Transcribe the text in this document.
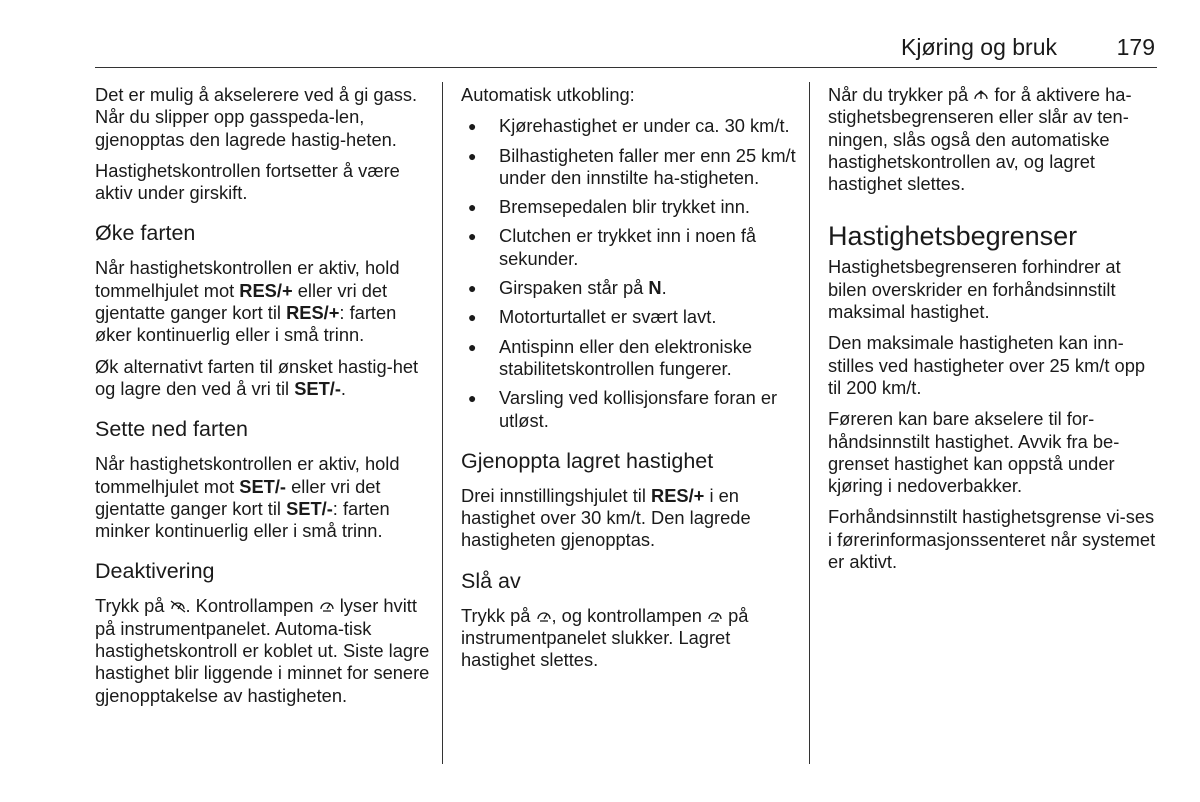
Kjøring og bruk	179

Det er mulig å akselerere ved å gi gass. Når du slipper opp gasspeda-len, gjenopptas den lagrede hastig-heten.

Hastighetskontrollen fortsetter å være aktiv under girskift.

Øke farten

Når hastighetskontrollen er aktiv, hold tommelhjulet mot RES/+ eller vri det gjentatte ganger kort til RES/+: farten øker kontinuerlig eller i små trinn.

Øk alternativt farten til ønsket hastig-het og lagre den ved å vri til SET/-.

Sette ned farten

Når hastighetskontrollen er aktiv, hold tommelhjulet mot SET/- eller vri det gjentatte ganger kort til SET/-: farten minker kontinuerlig eller i små trinn.

Deaktivering

Trykk på
. Kontrollampen
lyser hvitt på instrumentpanelet. Automa-tisk hastighetskontroll er koblet ut. Siste lagre hastighet blir liggende i minnet for senere gjenopptakelse av hastigheten.

Automatisk utkobling:

● Kjørehastighet er under ca. 30 km/t.
● Bilhastigheten faller mer enn 25 km/t under den innstilte ha-stigheten.
● Bremsepedalen blir trykket inn.
● Clutchen er trykket inn i noen få sekunder.
● Girspaken står på N.
● Motorturtallet er svært lavt.
● Antispinn eller den elektroniske stabilitetskontrollen fungerer.
● Varsling ved kollisjonsfare foran er utløst.
Gjenoppta lagret hastighet

Drei innstillingshjulet til RES/+ i en hastighet over 30 km/t. Den lagrede hastigheten gjenopptas.

Slå av

Trykk på
, og kontrollampen
på instrumentpanelet slukker. Lagret hastighet slettes.

Når du trykker på
for å aktivere ha-stighetsbegrenseren eller slår av ten-ningen, slås også den automatiske hastighetskontrollen av, og lagret hastighet slettes.

Hastighetsbegrenser

Hastighetsbegrenseren forhindrer at bilen overskrider en forhåndsinnstilt maksimal hastighet.

Den maksimale hastigheten kan inn-stilles ved hastigheter over 25 km/t opp til 200 km/t.

Føreren kan bare akselere til for-håndsinnstilt hastighet. Avvik fra be-grenset hastighet kan oppstå under kjøring i nedoverbakker.

Forhåndsinnstilt hastighetsgrense vi-ses i førerinformasjonssenteret når systemet er aktivt.
